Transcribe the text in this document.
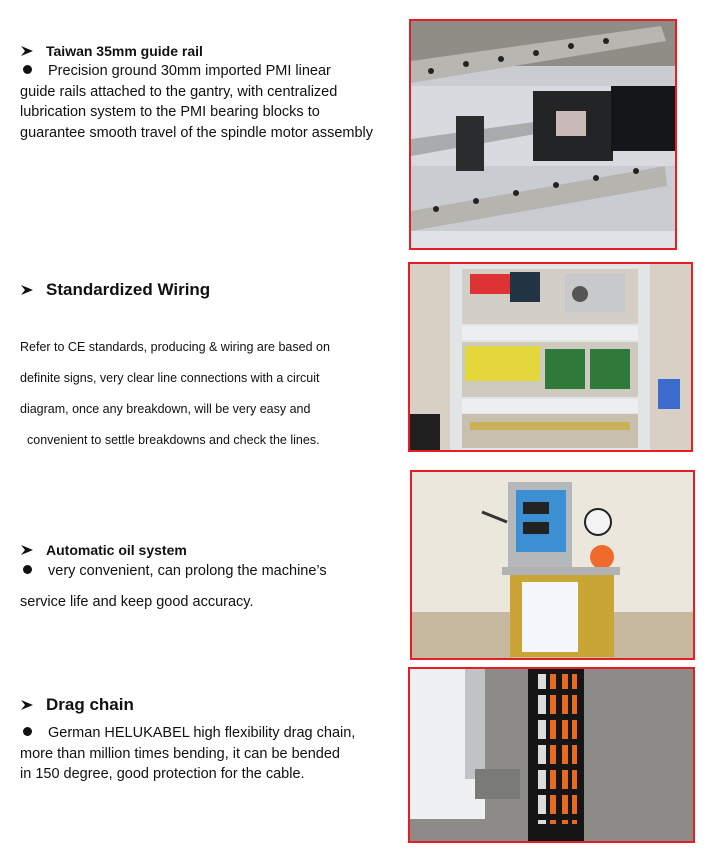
Taiwan 35mm guide rail

Precision ground 30mm imported PMI linear
guide rails attached to the gantry, with centralized
lubrication system to the PMI bearing blocks to
guarantee smooth travel of the spindle motor assembly

Standardized Wiring

Refer to CE standards, producing & wiring are based on
definite signs, very clear line connections with a circuit
diagram, once any breakdown, will be very easy and
convenient to settle breakdowns and check the lines.

Automatic oil system

very convenient, can prolong the machine’s
service life and keep good accuracy.

Drag chain

German HELUKABEL high flexibility drag chain,
more than million times bending, it can be bended
in 150 degree, good protection for the cable.
